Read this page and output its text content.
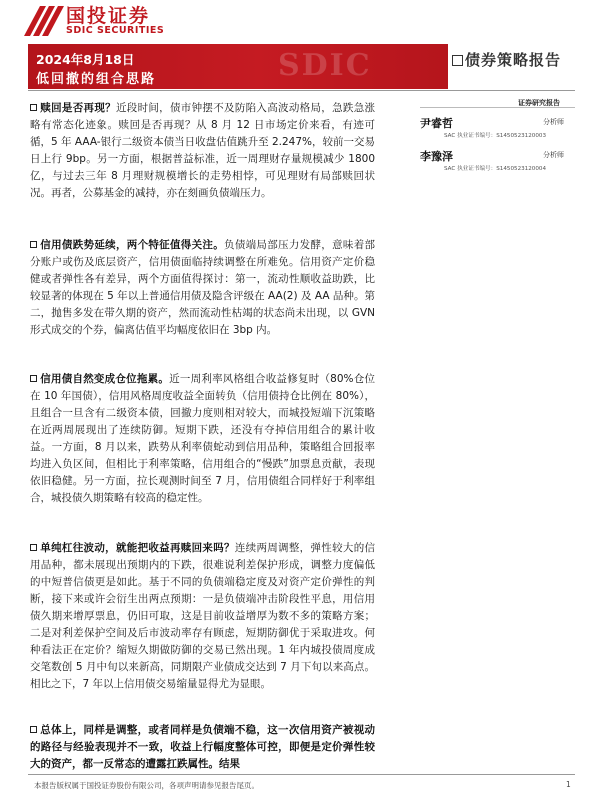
国投证券
SDIC SECURITIES
SDIC
2024年8月18日
低回撤的组合思路
债券策略报告
证券研究报告
尹睿哲	分析师
SAC 执业证书编号：S1450523120003
李豫泽	分析师
SAC 执业证书编号：S1450523120004
赎回是否再现？近段时间，债市钟摆不及防陷入高波动格局，急跌急涨略有常态化迹象。赎回是否再现？从 8 月 12 日市场定价来看，有迹可循，5 年 AAA-银行二级资本债当日收盘估值跳升至 2.247%，较前一交易日上行 9bp。另一方面，根据普益标准，近一周理财存量规模减少 1800 亿，与过去三年 8 月理财规模增长的走势相悖，可见理财有局部赎回状况。再者，公募基金的减持，亦在刻画负债端压力。
信用债跌势延续，两个特征值得关注。负债端局部压力发酵，意味着部分账户或伤及底层资产，信用债面临持续调整在所难免。信用资产定价稳健或者弹性各有差异，两个方面值得探讨：第一，流动性顺收益助跌，比较显著的体现在 5 年以上普通信用债及隐含评级在 AA(2) 及 AA 品种。第二，抛售多发在带久期的资产，然而流动性枯竭的状态尚未出现，以 GVN 形式成交的个券，偏离估值平均幅度依旧在 3bp 内。
信用债自然变成仓位拖累。近一周利率风格组合收益修复时（80%仓位在 10 年国债），信用风格周度收益全面转负（信用债持仓比例在 80%），且组合一旦含有二级资本债，回撤力度则相对较大，而城投短端下沉策略在近两周展现出了连续防御。短期下跌，还没有夺掉信用组合的累计收益。一方面，8 月以来，跌势从利率债蛇动到信用品种，策略组合回报率均进入负区间，但相比于利率策略，信用组合的“慢跌”加票息贡献，表现依旧稳健。另一方面，拉长观测时间至 7 月，信用债组合同样好于利率组合，城投债久期策略有较高的稳定性。
单纯杠往波动，就能把收益再赎回来吗？连续两周调整，弹性较大的信用品种，都未展现出预期内的下跌，很难说利差保护形成，调整力度偏低的中短普信债更是如此。基于不同的负债端稳定度及对资产定价弹性的判断，接下来或许会衍生出两点预期：一是负债端冲击阶段性平息，用信用债久期来增厚票息，仍旧可取，这是目前收益增厚为数不多的策略方案；二是对利差保护空间及后市波动率存有顾虑，短期防御优于采取进攻。何种看法正在定价？缩短久期做防御的交易已然出现。1 年内城投债周度成交笔数创 5 月中旬以来新高，同期限产业债成交达到 7 月下旬以来高点。相比之下，7 年以上信用债交易缩量显得尤为显眼。
总体上，同样是调整，或者同样是负债端不稳，这一次信用资产被视动的路径与经验表现并不一致，收益上行幅度整体可控，即便是定价弹性较大的资产，都一反常态的遭露扛跌属性。结果
本报告版权属于国投证券股份有限公司，各项声明请参见报告尾页。	1
